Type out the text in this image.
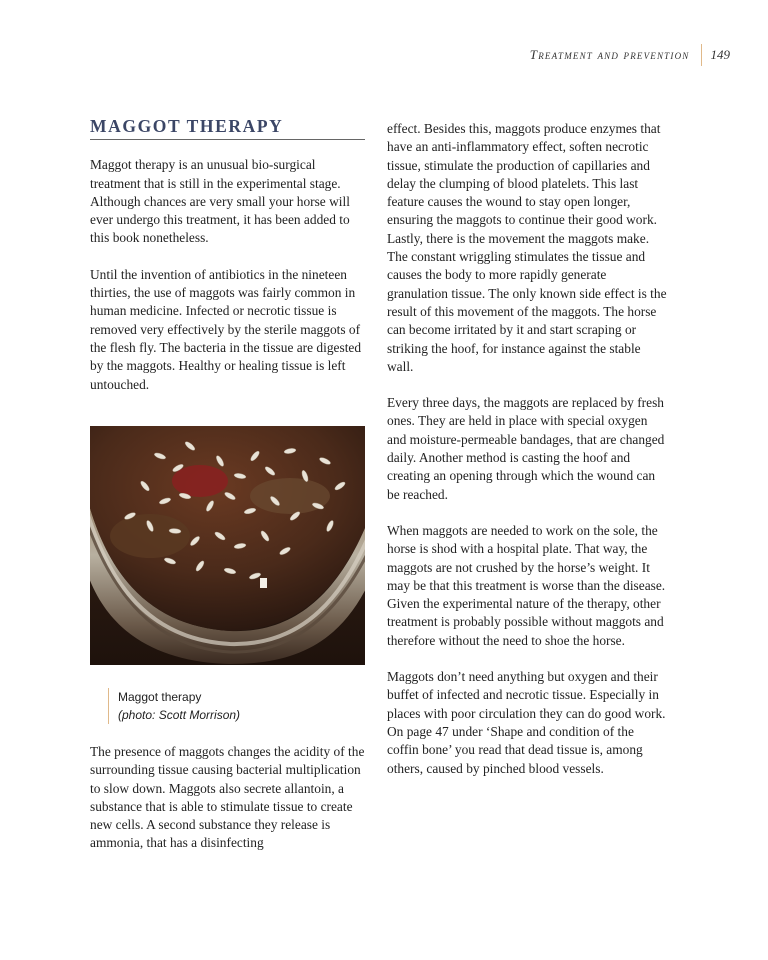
Treatment and prevention 149
MAGGOT THERAPY

Maggot therapy is an unusual bio-surgical treatment that is still in the experimental stage. Although chances are very small your horse will ever undergo this treatment, it has been added to this book nonetheless.

Until the invention of antibiotics in the nineteen thirties, the use of maggots was fairly common in human medicine. Infected or necrotic tissue is removed very effectively by the sterile maggots of the flesh fly. The bacteria in the tissue are digested by the maggots. Healthy or healing tissue is left untouched.

Maggot therapy
(photo: Scott Morrison)

The presence of maggots changes the acidity of the surrounding tissue causing bacterial multiplication to slow down. Maggots also secrete allantoin, a substance that is able to stimulate tissue to create new cells. A second substance they release is ammonia, that has a disinfecting

effect. Besides this, maggots produce enzymes that have an anti-inflammatory effect, soften necrotic tissue, stimulate the production of capillaries and delay the clumping of blood platelets. This last feature causes the wound to stay open longer, ensuring the maggots to continue their good work. Lastly, there is the movement the maggots make. The constant wriggling stimulates the tissue and causes the body to more rapidly generate granulation tissue. The only known side effect is the result of this movement of the maggots. The horse can become irritated by it and start scraping or striking the hoof, for instance against the stable wall.

Every three days, the maggots are replaced by fresh ones. They are held in place with special oxygen and moisture-permeable bandages, that are changed daily. Another method is casting the hoof and creating an opening through which the wound can be reached.

When maggots are needed to work on the sole, the horse is shod with a hospital plate. That way, the maggots are not crushed by the horse’s weight. It may be that this treatment is worse than the disease. Given the experimental nature of the therapy, other treatment is probably possible without maggots and therefore without the need to shoe the horse.

Maggots don’t need anything but oxygen and their buffet of infected and necrotic tissue. Especially in places with poor circulation they can do good work. On page 47 under ‘Shape and condition of the coffin bone’ you read that dead tissue is, among others, caused by pinched blood vessels.
